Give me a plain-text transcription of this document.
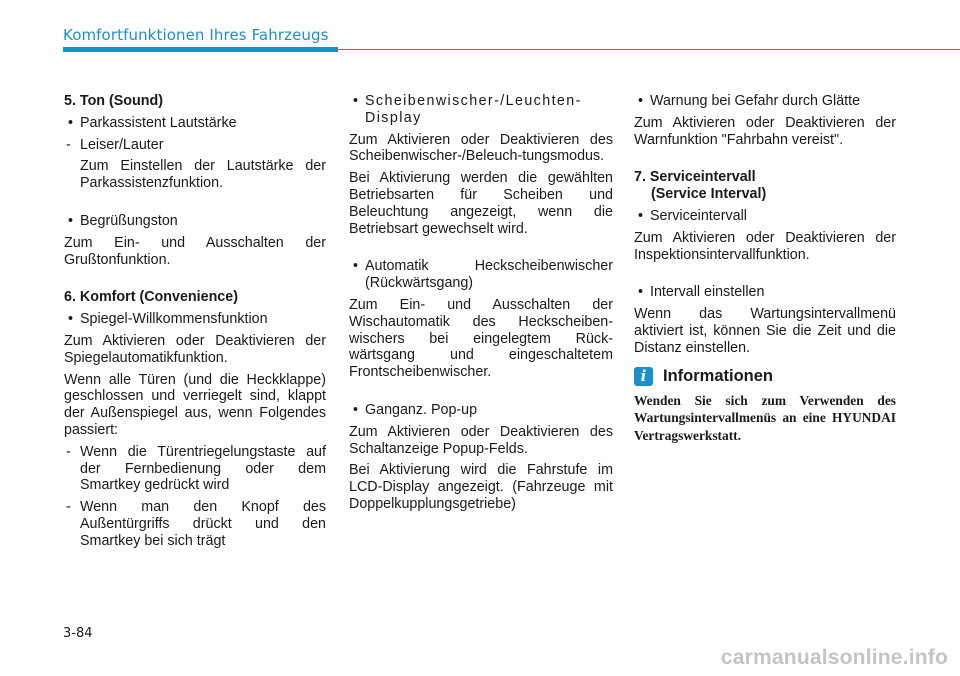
Komfortfunktionen Ihres Fahrzeugs
5. Ton (Sound)
• Parkassistent Lautstärke
- Leiser/Lauter
Zum Einstellen der Lautstärke der Parkassistenzfunktion.
• Begrüßungston
Zum Ein- und Ausschalten der Grußtonfunktion.
6. Komfort (Convenience)
• Spiegel-Willkommensfunktion
Zum Aktivieren oder Deaktivieren der Spiegelautomatikfunktion.
Wenn alle Türen (und die Heckklappe) geschlossen und verriegelt sind, klappt der Außenspiegel aus, wenn Folgendes passiert:
- Wenn die Türentriegelungstaste auf der Fernbedienung oder dem Smartkey gedrückt wird
- Wenn man den Knopf des Außentürgriffs drückt und den Smartkey bei sich trägt
• Scheibenwischer-/Leuchten-Display
Zum Aktivieren oder Deaktivieren des Scheibenwischer-/Beleuch-tungsmodus.
Bei Aktivierung werden die gewählten Betriebsarten für Scheiben und Beleuchtung angezeigt, wenn die Betriebsart gewechselt wird.
• Automatik Heckscheibenwischer (Rückwärtsgang)
Zum Ein- und Ausschalten der Wischautomatik des Heckscheiben-wischers bei eingelegtem Rück-wärtsgang und eingeschaltetem Frontscheibenwischer.
• Ganganz. Pop-up
Zum Aktivieren oder Deaktivieren des Schaltanzeige Popup-Felds.
Bei Aktivierung wird die Fahrstufe im LCD-Display angezeigt. (Fahrzeuge mit Doppelkupplungsgetriebe)
• Warnung bei Gefahr durch Glätte
Zum Aktivieren oder Deaktivieren der Warnfunktion "Fahrbahn vereist".
7. Serviceintervall
(Service Interval)
• Serviceintervall
Zum Aktivieren oder Deaktivieren der Inspektionsintervallfunktion.
• Intervall einstellen
Wenn das Wartungsintervallmenü aktiviert ist, können Sie die Zeit und die Distanz einstellen.
i	Informationen

Wenden Sie sich zum Verwenden des Wartungsintervallmenüs an eine HYUNDAI Vertragswerkstatt.

3-84
carmanualsonline.info
